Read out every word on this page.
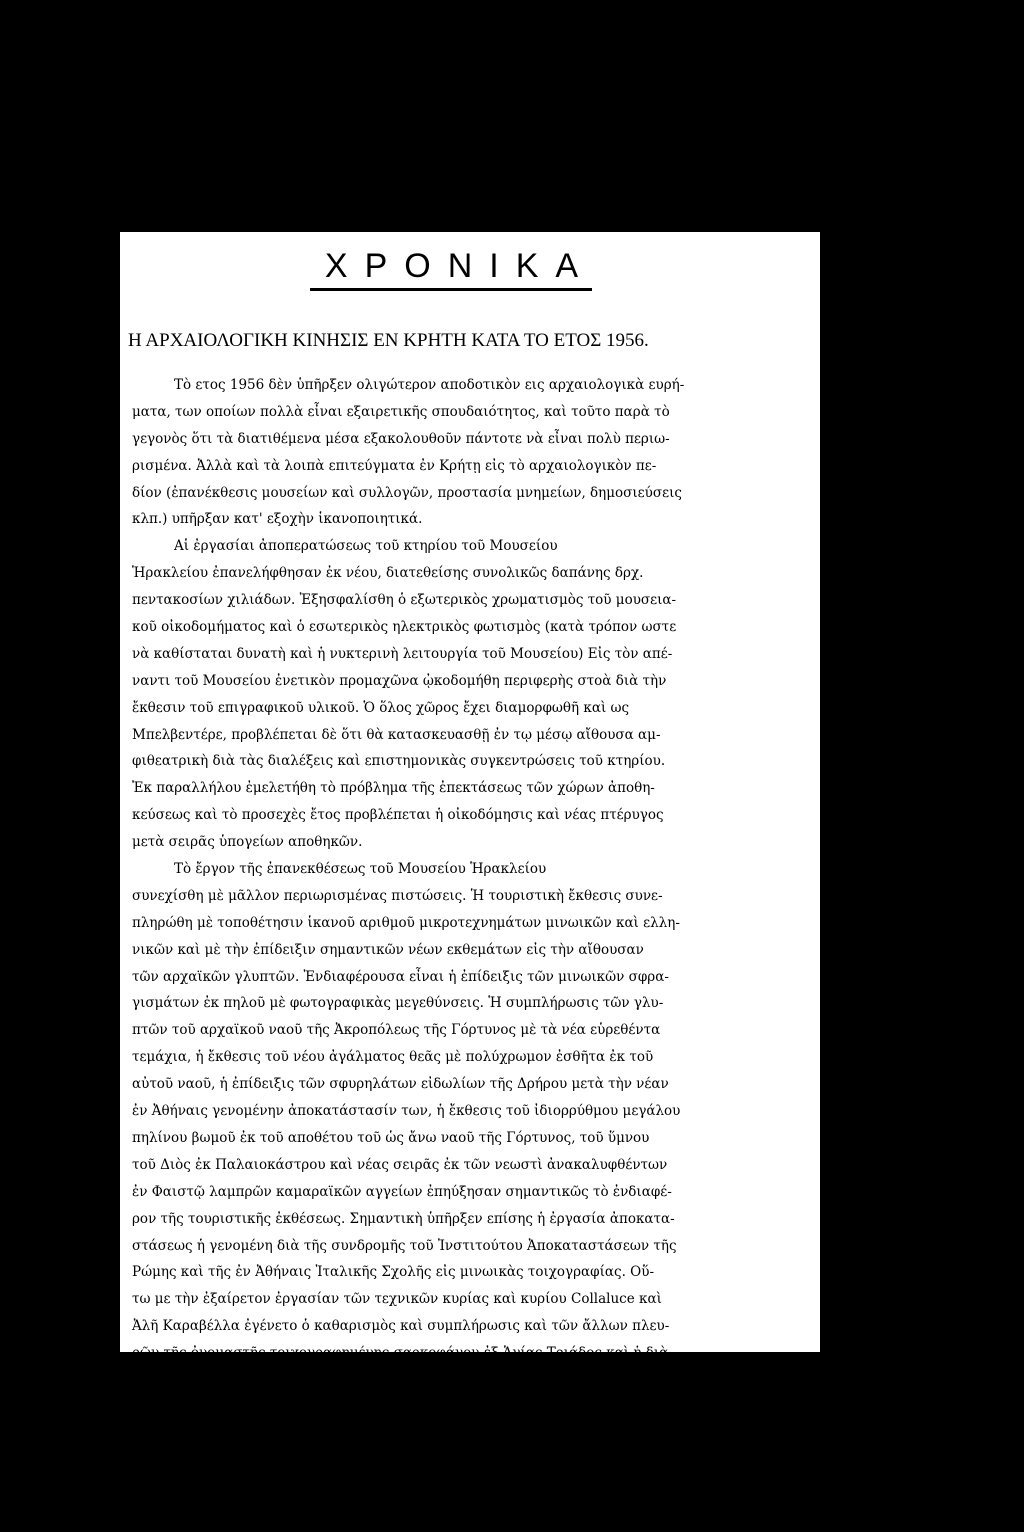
ΧΡΟΝΙΚΑ
Η ΑΡΧΑΙΟΛΟΓΙΚΗ ΚΙΝΗΣΙΣ ΕΝ ΚΡΗΤΗ ΚΑΤΑ ΤΟ ΕΤΟΣ 1956.
Τὸ ετος 1956 δὲν ὑπῆρξεν ολιγώτερον αποδοτικὸν εις αρχαιολογικὰ ευρή-
ματα, των οποίων πολλὰ εἶναι εξαιρετικῆς σπουδαιότητος, καὶ τοῦτο παρὰ τὸ
γεγονὸς ὅτι τὰ διατιθέμενα μέσα εξακολουθοῦν πάντοτε νὰ εἶναι πολὺ περιω-
ρισμένα. Ἀλλὰ καὶ τὰ λοιπὰ επιτεύγματα ἐν Κρήτῃ εἰς τὸ αρχαιολογικὸν πε-
δίον (ἐπανέκθεσις μουσείων καὶ συλλογῶν, προστασία μνημείων, δημοσιεύσεις
κλπ.) υπῆρξαν κατ' εξοχὴν ἱκανοποιητικά.
Αἱ ἐργασίαι ἀποπερατώσεως τοῦ κτηρίου τοῦ Μουσείου
Ἡρακλείου ἐπανελήφθησαν ἐκ νέου, διατεθείσης συνολικῶς δαπάνης δρχ.
πεντακοσίων χιλιάδων. Ἐξησφαλίσθη ὁ εξωτερικὸς χρωματισμὸς τοῦ μουσεια-
κοῦ οἰκοδομήματος καὶ ὁ εσωτερικὸς ηλεκτρικὸς φωτισμὸς (κατὰ τρόπον ωστε
νὰ καθίσταται δυνατὴ καὶ ἡ νυκτερινὴ λειτουργία τοῦ Μουσείου) Εἰς τὸν απέ-
ναντι τοῦ Μουσείου ἐνετικὸν προμαχῶνα ᾠκοδομήθη περιφερὴς στοὰ διὰ τὴν
ἔκθεσιν τοῦ επιγραφικοῦ υλικοῦ. Ὁ ὅλος χῶρος ἔχει διαμορφωθῆ καὶ ως
Μπελβεντέρε, προβλέπεται δὲ ὅτι θὰ κατασκευασθῇ ἐν τῳ μέσῳ αἴθουσα αμ-
φιθεατρικὴ διὰ τὰς διαλέξεις καὶ επιστημονικὰς συγκεντρώσεις τοῦ κτηρίου.
Ἐκ παραλλήλου ἐμελετήθη τὸ πρόβλημα τῆς ἐπεκτάσεως τῶν χώρων ἀποθη-
κεύσεως καὶ τὸ προσεχὲς ἔτος προβλέπεται ἡ οἰκοδόμησις καὶ νέας πτέρυγος
μετὰ σειρᾶς ὑπογείων αποθηκῶν.
Τὸ ἔργον τῆς ἐπανεκθέσεως τοῦ Μουσείου Ἡρακλείου
συνεχίσθη μὲ μᾶλλον περιωρισμένας πιστώσεις. Ἡ τουριστικὴ ἔκθεσις συνε-
πληρώθη μὲ τοποθέτησιν ἱκανοῦ αριθμοῦ μικροτεχνημάτων μινωικῶν καὶ ελλη-
νικῶν καὶ μὲ τὴν ἐπίδειξιν σημαντικῶν νέων εκθεμάτων εἰς τὴν αἴθουσαν
τῶν αρχαϊκῶν γλυπτῶν. Ἐνδιαφέρουσα εἶναι ἡ ἐπίδειξις τῶν μινωικῶν σφρα-
γισμάτων ἐκ πηλοῦ μὲ φωτογραφικὰς μεγεθύνσεις. Ἡ συμπλήρωσις τῶν γλυ-
πτῶν τοῦ αρχαϊκοῦ ναοῦ τῆς Ἀκροπόλεως τῆς Γόρτυνος μὲ τὰ νέα εὑρεθέντα
τεμάχια, ἡ ἔκθεσις τοῦ νέου ἀγάλματος θεᾶς μὲ πολύχρωμον ἐσθῆτα ἐκ τοῦ
αὐτοῦ ναοῦ, ἡ ἐπίδειξις τῶν σφυρηλάτων εἰδωλίων τῆς Δρήρου μετὰ τὴν νέαν
ἐν Ἀθήναις γενομένην ἀποκατάστασίν των, ἡ ἔκθεσις τοῦ ἰδιορρύθμου μεγάλου
πηλίνου βωμοῦ ἐκ τοῦ αποθέτου τοῦ ὡς ἄνω ναοῦ τῆς Γόρτυνος, τοῦ ὕμνου
τοῦ Διὸς ἐκ Παλαιοκάστρου καὶ νέας σειρᾶς ἐκ τῶν νεωστὶ ἀνακαλυφθέντων
ἐν Φαιστῷ λαμπρῶν καμαραϊκῶν αγγείων ἐπηύξησαν σημαντικῶς τὸ ἐνδιαφέ-
ρον τῆς τουριστικῆς ἐκθέσεως. Σημαντικὴ ὑπῆρξεν επίσης ἡ ἐργασία ἀποκατα-
στάσεως ἡ γενομένη διὰ τῆς συνδρομῆς τοῦ Ἰνστιτούτου Ἀποκαταστάσεων τῆς
Ρώμης καὶ τῆς ἐν Ἀθήναις Ἰταλικῆς Σχολῆς εἰς μινωικὰς τοιχογραφίας. Οὕ-
τω με τὴν ἐξαίρετον ἐργασίαν τῶν τεχνικῶν κυρίας καὶ κυρίου Collaluce καὶ
Ἀλῆ Καραβέλλα ἐγένετο ὁ καθαρισμὸς καὶ συμπλήρωσις καὶ τῶν ἄλλων πλευ-
ρῶν τῆς ὀνομαστῆς τοιχογραφημένης σαρκοφάγου ἐξ Ἁγίας Τριάδος καὶ ἡ διὰ
νέας ὅλως μεθόδου ἀνασύνθεσις τῆς τοιχογραφίας τοῦ Βωμοῦ μὲ τὰ Ἄνθη ἐξ
Ἀμνισοῦ. Προπαρεσκευάσθη δὲ ἡ ἀποκατάστασις τοῦ τοιχογραφήματος απεδέ-
δου μὲ τοὺς δελφίνας τοῦ προερχομένου ἐκ τοῦ Ἱεροῦ μετὰ θρανίου τῆς Ἁγ.
